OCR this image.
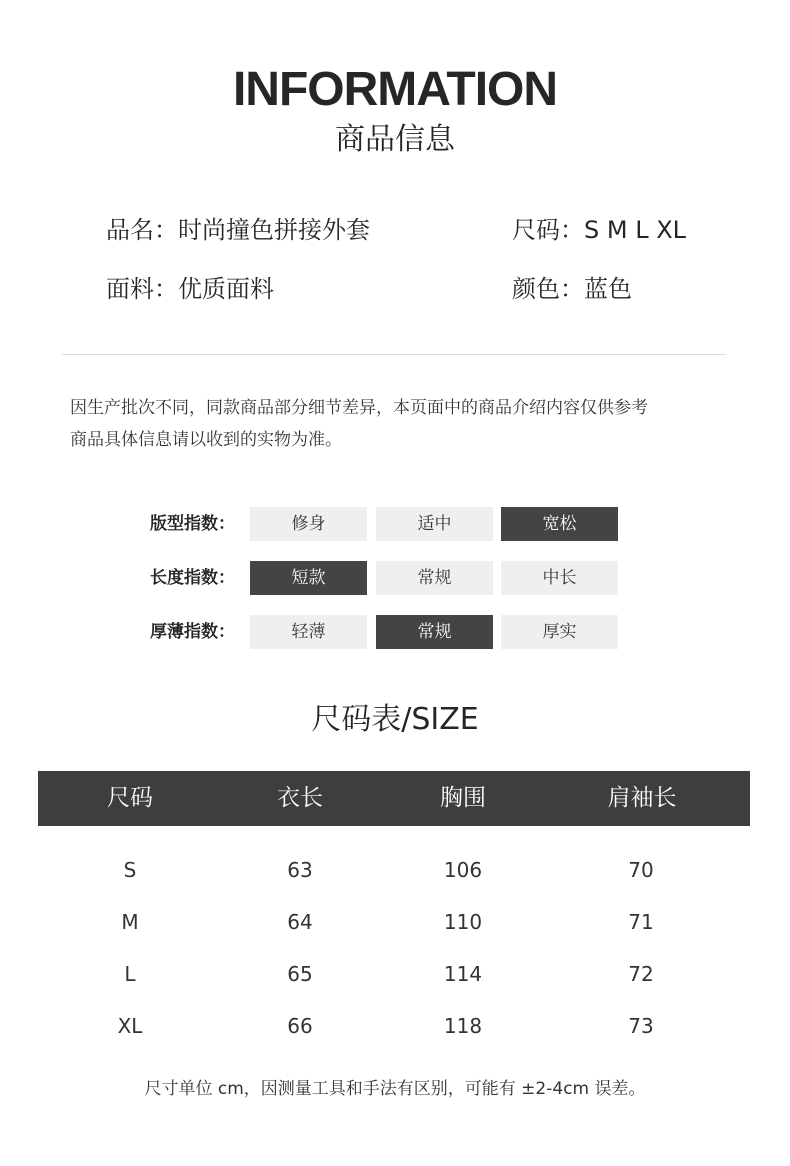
INFORMATION
商品信息
品名：时尚撞色拼接外套	尺码：S M L XL
面料：优质面料	颜色：蓝色
因生产批次不同，同款商品部分细节差异，本页面中的商品介绍内容仅供参考
商品具体信息请以收到的实物为准。
版型指数：	修身	适中	宽松
长度指数：	短款	常规	中长
厚薄指数：	轻薄	常规	厚实
尺码表/SIZE
尺码	衣长	胸围	肩袖长
S	63	106	70
M	64	110	71
L	65	114	72
XL	66	118	73
尺寸单位 cm，因测量工具和手法有区别，可能有 ±2-4cm 误差。
